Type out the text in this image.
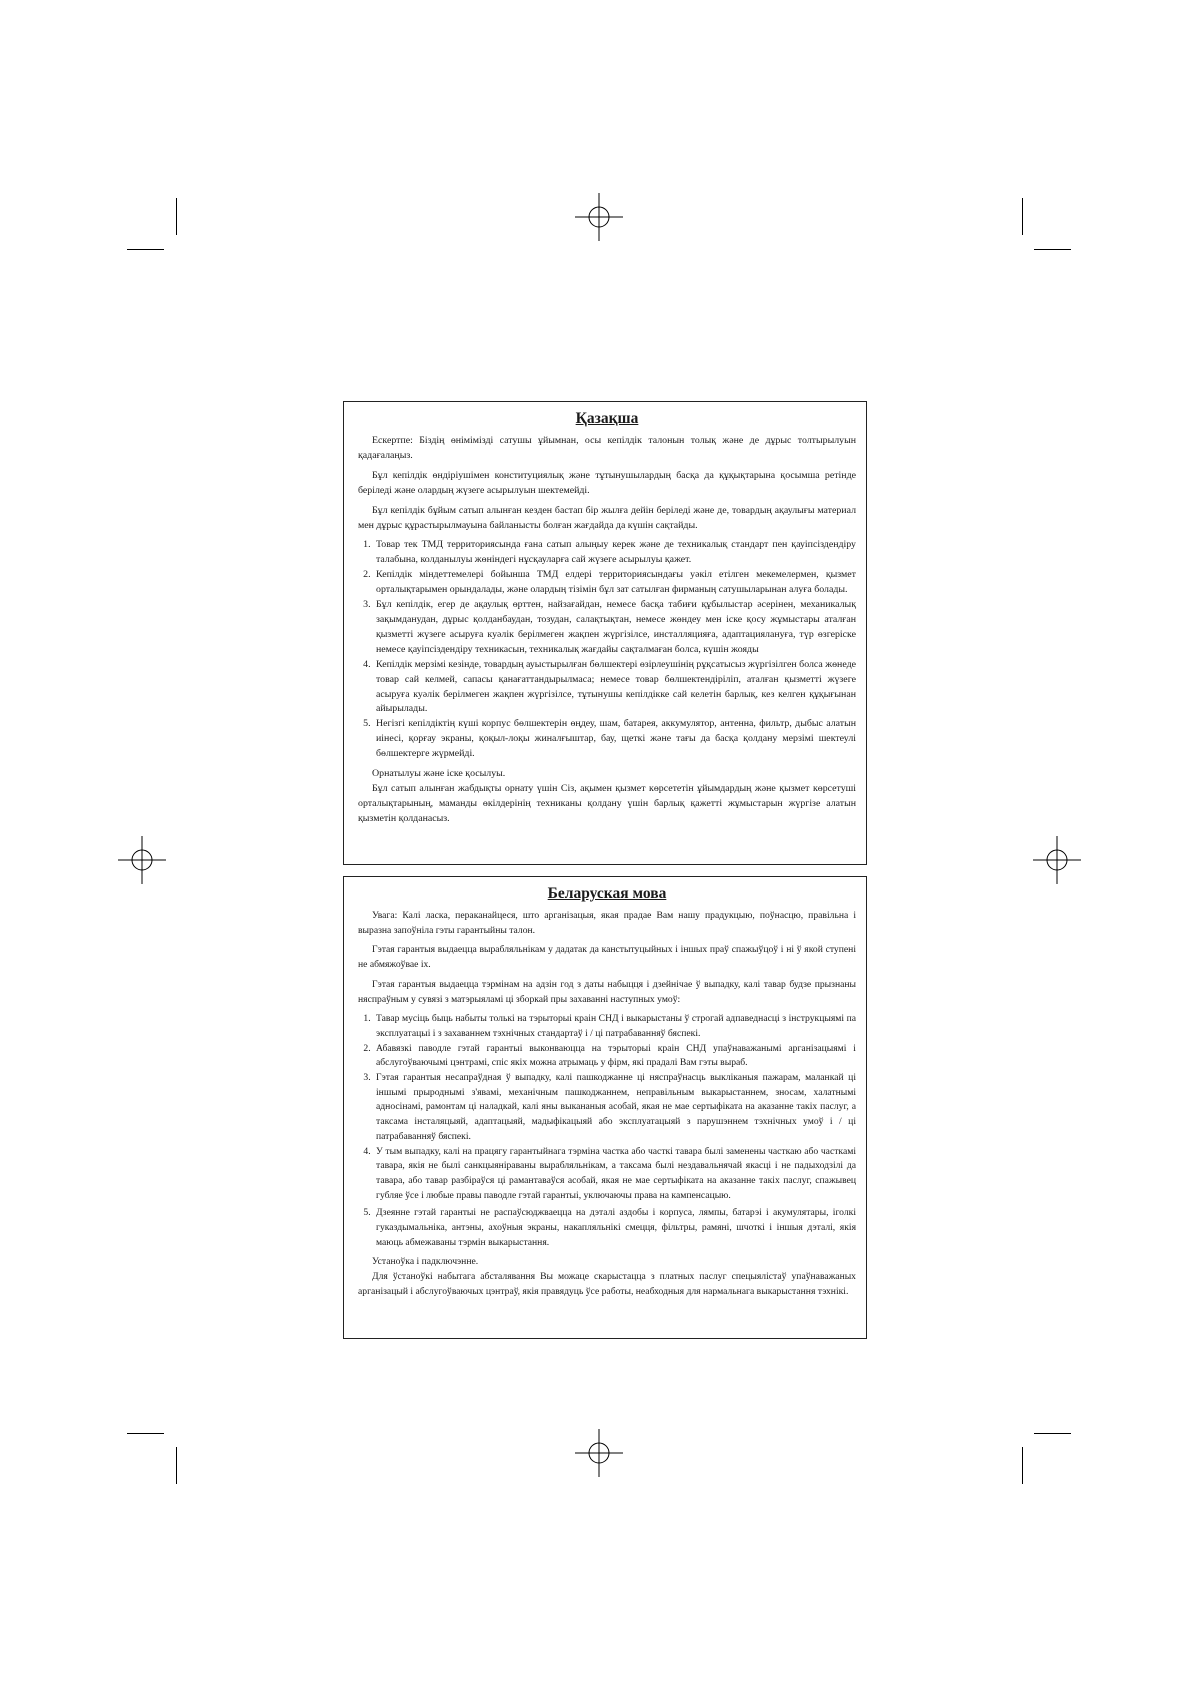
Қазақша

Ескертпе: Біздің өнімімізді сатушы ұйымнан, осы кепілдік талонын толық және де дұрыс толтырылуын қадағалаңыз.

Бұл кепілдік өндіріушімен конституциялық және тұтынушылардың басқа да құқықтарына қосымша ретінде беріледі және олардың жүзеге асырылуын шектемейді.

Бұл кепілдік бұйым сатып алынған кезден бастап бір жылға дейін беріледі және де, товардың ақаулығы материал мен дұрыс құрастырылмауына байланысты болған жағдайда да күшін сақтайды.

1. Товар тек ТМД территориясында ғана сатып алыңыу керек және де техникалық стандарт пен қауіпсіздендіру талабына, колданылуы жөніндегі нұсқауларға сай жүзеге асырылуы қажет.
2. Кепілдік міндеттемелері бойынша ТМД елдері территориясындағы уәкіл етілген мекемелермен, қызмет орталықтарымен орындалады, және олардың тізімін бұл зат сатылған фирманың сатушыларынан алуға болады.
3. Бұл кепілдік, егер де ақаулық өрттен, найзағайдан, немесе басқа табиғи құбылыстар әсерінен, механикалық зақымданудан, дұрыс қолданбаудан, тозудан, салақтықтан, немесе жөндеу мен іске қосу жұмыстары аталған қызметті жүзеге асыруға куәлік берілмеген жақпен жүргізілсе, инсталляцияға, адаптациялануға, түр өзгеріске немесе қауіпсіздендіру техникасын, техникалық жағдайы сақталмаған болса, күшін жояды
4. Кепілдік мерзімі кезінде, товардың ауыстырылған бөлшектері өзірлеушінің рұқсатысыз жүргізілген болса жөнеде товар сай келмей, сапасы қанағаттандырылмаса; немесе товар бөлшектендіріліп, аталған қызметті жүзеге асыруға куәлік берілмеген жақпен жүргізілсе, тұтынушы кепілдікке сай келетін барлық, кез келген құқығынан айырылады.
5. Негізгі кепілдіктің күші корпус бөлшектерін өңдеу, шам, батарея, аккумулятор, антенна, фильтр, дыбыс алатын иінесі, қорғау экраны, қоқыл-лоқы жиналғыштар, бау, щеткі және тағы да басқа қолдану мерзімі шектеулі бөлшектерге жүрмейді.

Орнатылуы және іске қосылуы.

Бұл сатып алынған жабдықты орнату үшін Сіз, ақымен қызмет көрсететін ұйымдардың және қызмет көрсетуші орталықтарының, маманды өкілдерінің техниканы қолдану үшін барлық қажетті жұмыстарын жүргізе алатын қызметін қолданасыз.

Беларуская мова

Увага: Калі ласка, пераканайцеся, што арганізацыя, якая прадае Вам нашу прадукцыю, поўнасцю, правільна і выразна запоўніла гэты гарантыйны талон.

Гэтая гарантыя выдаецца вырабляльнікам у дадатак да канстытуцыйных і іншых праў спажыўцоў і ні ў якой ступені не абмяжоўвае іх.

Гэтая гарантыя выдаецца тэрмінам на адзін год з даты набыцця і дзейнічае ў выпадку, калі тавар будзе прызнаны няспраўным у сувязі з матэрыяламі ці зборкай пры захаванні наступных умоў:

1. Тавар мусіць быць набыты толькі на тэрыторыі краін СНД і выкарыстаны ў строгай адпаведнасці з інструкцыямі па эксплуатацыі і з захаваннем тэхнічных стандартаў і / ці патрабаванняў бяспекі.
2. Абавязкі паводле гэтай гарантыі выконваюцца на тэрыторыі краін СНД упаўнаважанымі арганізацыямі і абслугоўваючымі цэнтрамі, спіс якіх можна атрымаць у фірм, які прадалі Вам гэты выраб.
3. Гэтая гарантыя несапраўдная ў выпадку, калі пашкоджанне ці няспраўнасць выкліканыя пажарам, маланкай ці іншымі прыроднымі з'явамі, механічным пашкоджаннем, неправільным выкарыстаннем, зносам, халатнымі адносінамі, рамонтам ці наладкай, калі яны выкананыя асобай, якая не мае сертыфіката на аказанне такіх паслуг, а таксама інсталяцыяй, адаптацыяй, мадыфікацыяй або эксплуатацыяй з парушэннем тэхнічных умоў і / ці патрабаванняў бяспекі.
4. У тым выпадку, калі на працягу гарантыйнага тэрміна частка або часткі тавара былі заменены часткаю або часткамі тавара, якія не былі санкцыяніраваны вырабляльнікам, а таксама былі нездавальнячай якасці і не падыходзілі да тавара, або тавар разбіраўся ці рамантаваўся асобай, якая не мае сертыфіката на аказанне такіх паслуг, спажывец губляе ўсе і любые правы паводле гэтай гарантыі, уключаючы права на кампенсацыю.
5. Дзеянне гэтай гарантыі не распаўсюджваецца на дэталі аздобы і корпуса, лямпы, батарэі і акумулятары, іголкі гуказдымальніка, антэны, ахоўныя экраны, накапляльнікі смецця, фільтры, рамяні, шчоткі і іншыя дэталі, якія маюць абмежаваны тэрмін выкарыстання.

Устаноўка і падключэнне.

Для ўстаноўкі набытага абсталявання Вы можаце скарыстацца з платных паслуг спецыялістаў упаўнаважаных арганізацый і абслугоўваючых цэнтраў, якія правядуць ўсе работы, неабходныя для нармальнага выкарыстання тэхнікі.
